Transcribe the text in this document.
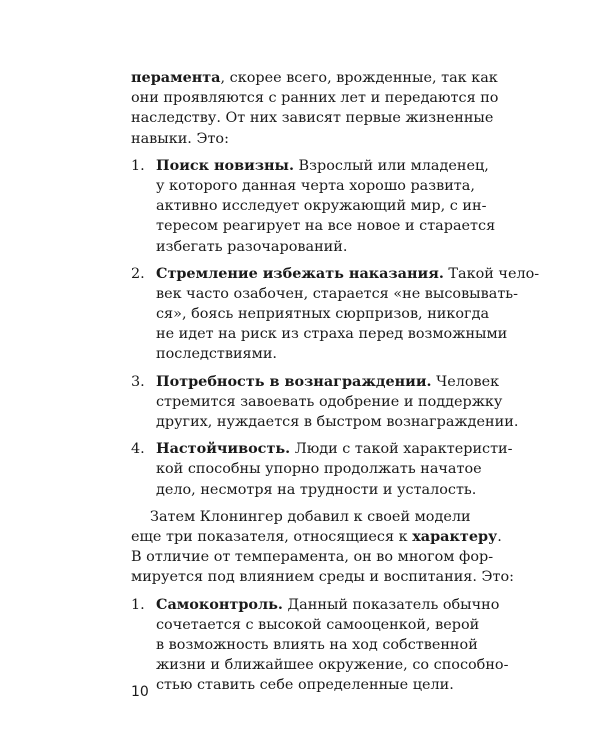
перамента, скорее всего, врожденные, так как
они проявляются с ранних лет и передаются по
наследству. От них зависят первые жизненные
навыки. Это:
1. Поиск новизны. Взрослый или младенец,
у которого данная черта хорошо развита,
активно исследует окружающий мир, с ин-
тересом реагирует на все новое и старается
избегать разочарований.
2. Стремление избежать наказания. Такой чело-
век часто озабочен, старается «не высовывать-
ся», боясь неприятных сюрпризов, никогда
не идет на риск из страха перед возможными
последствиями.
3. Потребность в вознаграждении. Человек
стремится завоевать одобрение и поддержку
других, нуждается в быстром вознаграждении.
4. Настойчивость. Люди с такой характеристи-
кой способны упорно продолжать начатое
дело, несмотря на трудности и усталость.
Затем Клонингер добавил к своей модели
еще три показателя, относящиеся к характеру.
В отличие от темперамента, он во многом фор-
мируется под влиянием среды и воспитания. Это:
1. Самоконтроль. Данный показатель обычно
сочетается с высокой самооценкой, верой
в возможность влиять на ход собственной
жизни и ближайшее окружение, со способно-
стью ставить себе определенные цели.
10
